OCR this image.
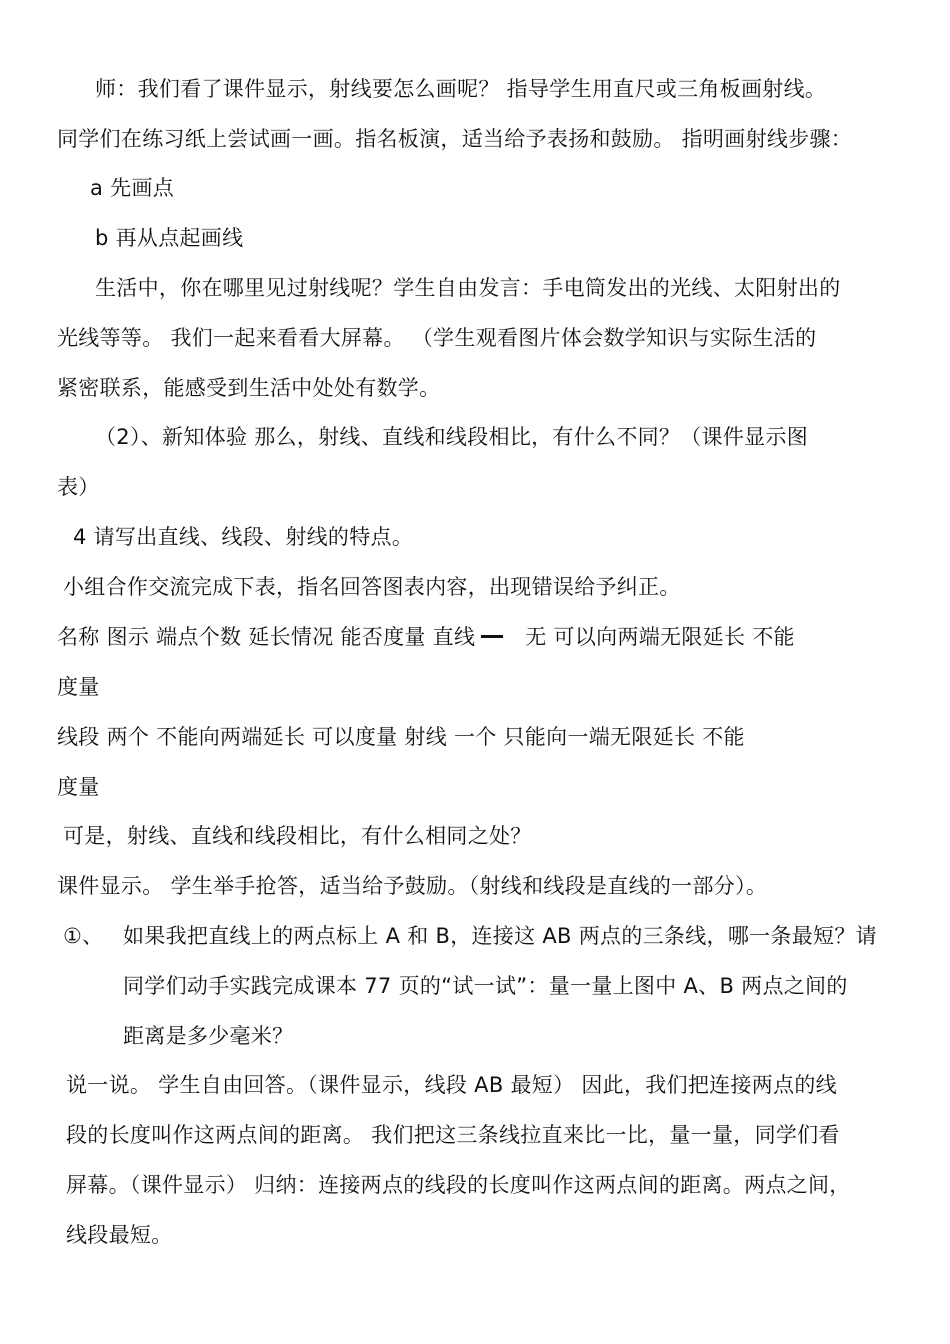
师：我们看了课件显示，射线要怎么画呢？ 指导学生用直尺或三角板画射线。
同学们在练习纸上尝试画一画。指名板演，适当给予表扬和鼓励。 指明画射线步骤：
a 先画点
b 再从点起画线
生活中，你在哪里见过射线呢？学生自由发言：手电筒发出的光线、太阳射出的
光线等等。 我们一起来看看大屏幕。 （学生观看图片体会数学知识与实际生活的
紧密联系，能感受到生活中处处有数学。
（2）、新知体验 那么，射线、直线和线段相比，有什么不同？（课件显示图
表）
4 请写出直线、线段、射线的特点。
小组合作交流完成下表，指名回答图表内容，出现错误给予纠正。
名称 图示 端点个数 延长情况 能否度量 直线 无 可以向两端无限延长 不能
度量
线段 两个 不能向两端延长 可以度量 射线 一个 只能向一端无限延长 不能
度量
可是，射线、直线和线段相比，有什么相同之处？
课件显示。 学生举手抢答，适当给予鼓励。（射线和线段是直线的一部分）。
①、 如果我把直线上的两点标上 A 和 B，连接这 AB 两点的三条线，哪一条最短？请
同学们动手实践完成课本 77 页的“试一试”：量一量上图中 A、B 两点之间的
距离是多少毫米？
说一说。 学生自由回答。（课件显示，线段 AB 最短） 因此，我们把连接两点的线
段的长度叫作这两点间的距离。 我们把这三条线拉直来比一比，量一量，同学们看
屏幕。（课件显示） 归纳：连接两点的线段的长度叫作这两点间的距离。两点之间，
线段最短。
